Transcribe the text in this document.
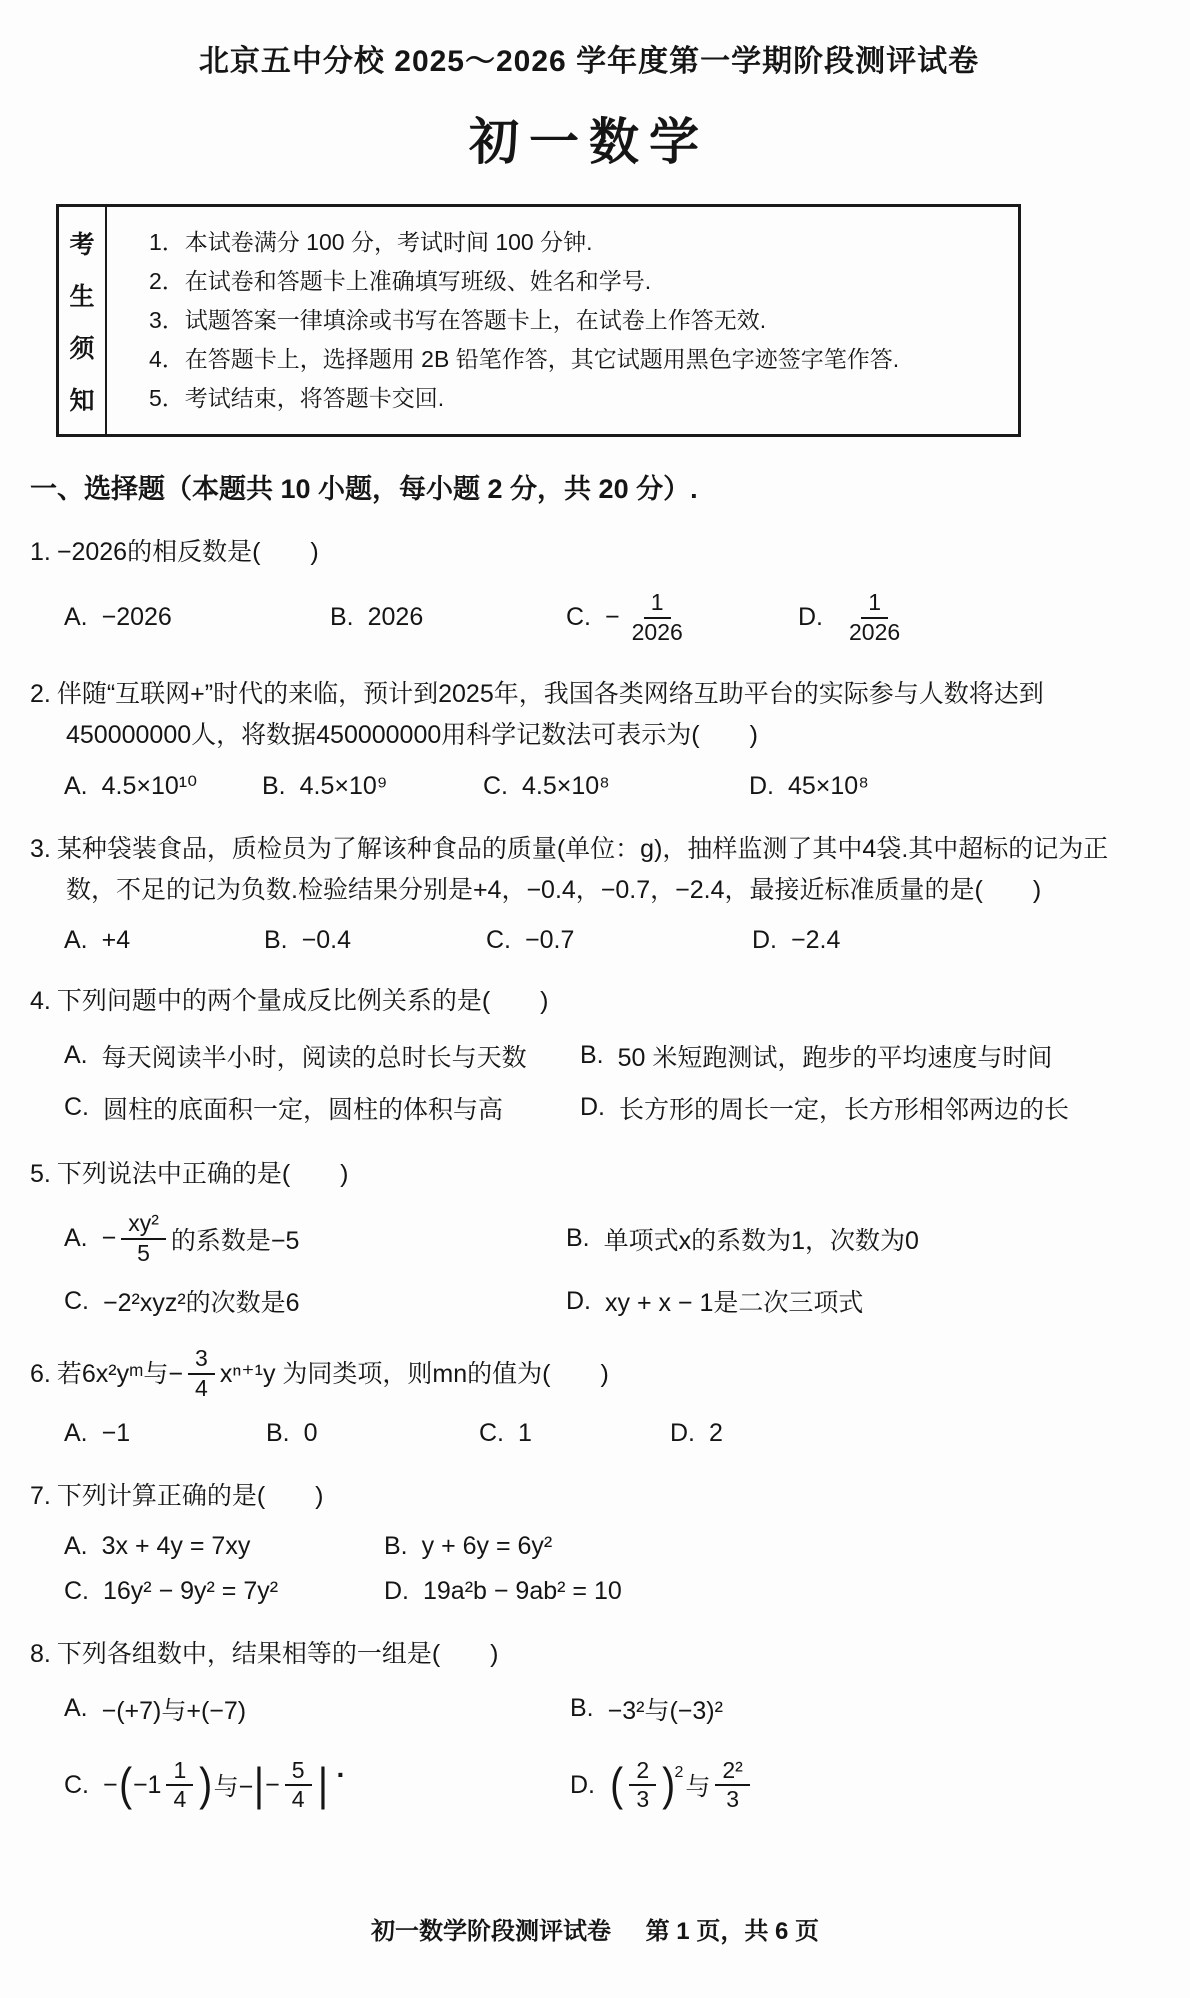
北京五中分校 2025～2026 学年度第一学期阶段测评试卷
初一数学
考
生
须
知
1．本试卷满分 100 分，考试时间 100 分钟.
2．在试卷和答题卡上准确填写班级、姓名和学号.
3．试题答案一律填涂或书写在答题卡上，在试卷上作答无效.
4．在答题卡上，选择题用 2B 铅笔作答，其它试题用黑色字迹签字笔作答.
5．考试结束，将答题卡交回.
一、选择题（本题共 10 小题，每小题 2 分，共 20 分）.
1. −2026的相反数是(　　)
A. −2026	B. 2026	C. − $\frac{1}{2026}$	D. $\frac{1}{2026}$
2. 伴随“互联网+”时代的来临，预计到2025年，我国各类网络互助平台的实际参与人数将达到450000000人，将数据450000000用科学记数法可表示为(　　)
A. 4.5×10¹⁰	B. 4.5×10⁹	C. 4.5×10⁸	D. 45×10⁸
3. 某种袋装食品，质检员为了解该种食品的质量(单位：g)，抽样监测了其中4袋.其中超标的记为正数，不足的记为负数.检验结果分别是+4，−0.4，−0.7，−2.4，最接近标准质量的是(　　)
A. +4	B. −0.4	C. −0.7	D. −2.4
4. 下列问题中的两个量成反比例关系的是(　　)
A. 每天阅读半小时，阅读的总时长与天数 B. 50 米短跑测试，跑步的平均速度与时间
C. 圆柱的底面积一定，圆柱的体积与高	D. 长方形的周长一定，长方形相邻两边的长
5. 下列说法中正确的是(　　)
A. − $\frac{\text{xy²}}{5}$ 的系数是−5	B. 单项式x的系数为1，次数为0
C. −2²xyz²的次数是6	D. xy + x − 1是二次三项式
6. 若6x²yᵐ与− $\frac{3}{4} x^{n+1}y$ 为同类项，则mn的值为(　　)
A. −1	B. 0	C. 1	D. 2
7. 下列计算正确的是(　　)
A. 3x + 4y = 7xy	B. y + 6y = 6y²
C. 16y² − 9y² = 7y²	D. 19a²b − 9ab² = 10
8. 下列各组数中，结果相等的一组是(　　)
A. −(+7)与+(−7)	B. −3²与(−3)²
C. − ( $-1 \frac{1}{4}$ ) 与− | − $\frac{5}{4}$ | ·	D. ( $\frac{2}{3}$ ) 2
与 $\frac{\text{2²}}{3}$
初一数学阶段测评试卷 第 1 页，共 6 页
